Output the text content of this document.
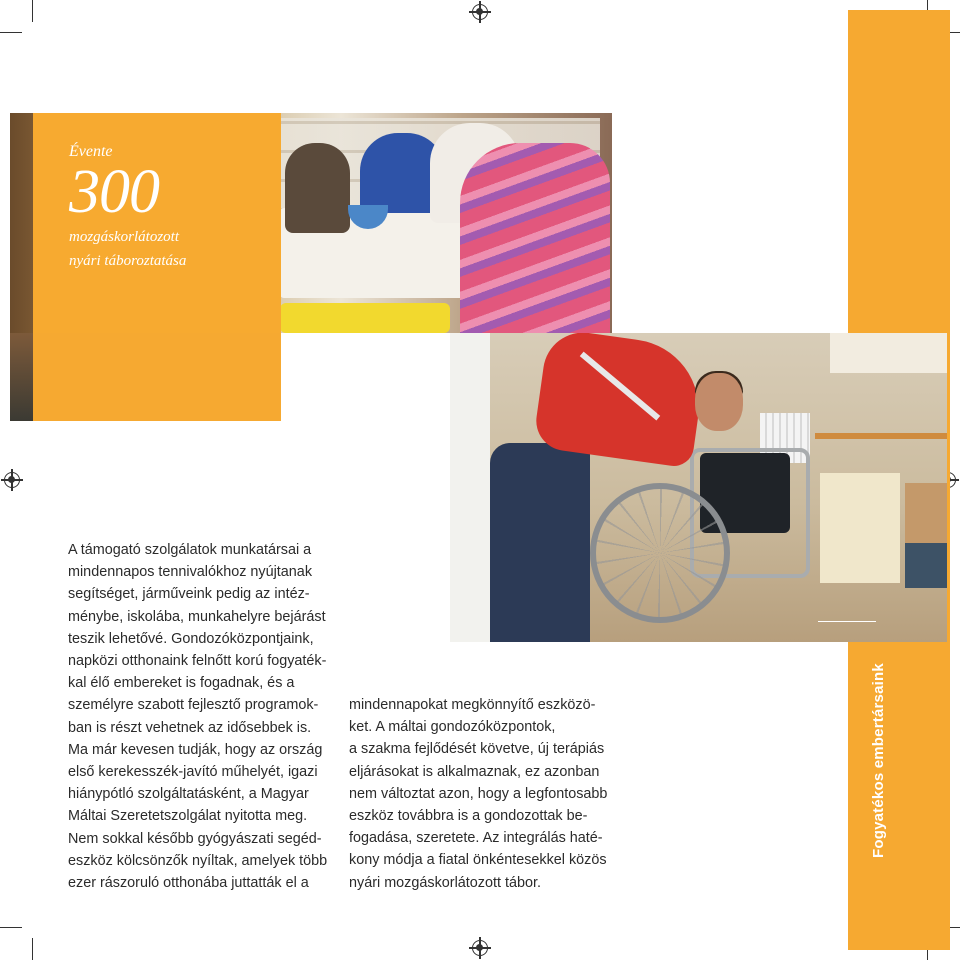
Fogyatékos embertársaink
Évente
300
mozgáskorlátozott
nyári táboroztatása
A támogató szolgálatok munkatársai a
mindennapos tennivalókhoz nyújtanak
segítséget, járműveink pedig az intéz-
ménybe, iskolába, munkahelyre bejárást
teszik lehetővé. Gondozóközpontjaink,
napközi otthonaink felnőtt korú fogyaték-
kal élő embereket is fogadnak, és a
személyre szabott fejlesztő programok-
ban is részt vehetnek az idősebbek is.
Ma már kevesen tudják, hogy az ország
első kerekesszék-javító műhelyét, igazi
hiánypótló szolgáltatásként, a Magyar
Máltai Szeretetszolgálat nyitotta meg.
Nem sokkal később gyógyászati segéd-
eszköz kölcsönzők nyíltak, amelyek több
ezer rászoruló otthonába juttatták el a
mindennapokat megkönnyítő eszközö-
ket. A máltai gondozóközpontok,
a szakma fejlődését követve, új terápiás
eljárásokat is alkalmaznak, ez azonban
nem változtat azon, hogy a legfontosabb
eszköz továbbra is a gondozottak be-
fogadása, szeretete. Az integrálás haté-
kony módja a fiatal önkéntesekkel közös
nyári mozgáskorlátozott tábor.
